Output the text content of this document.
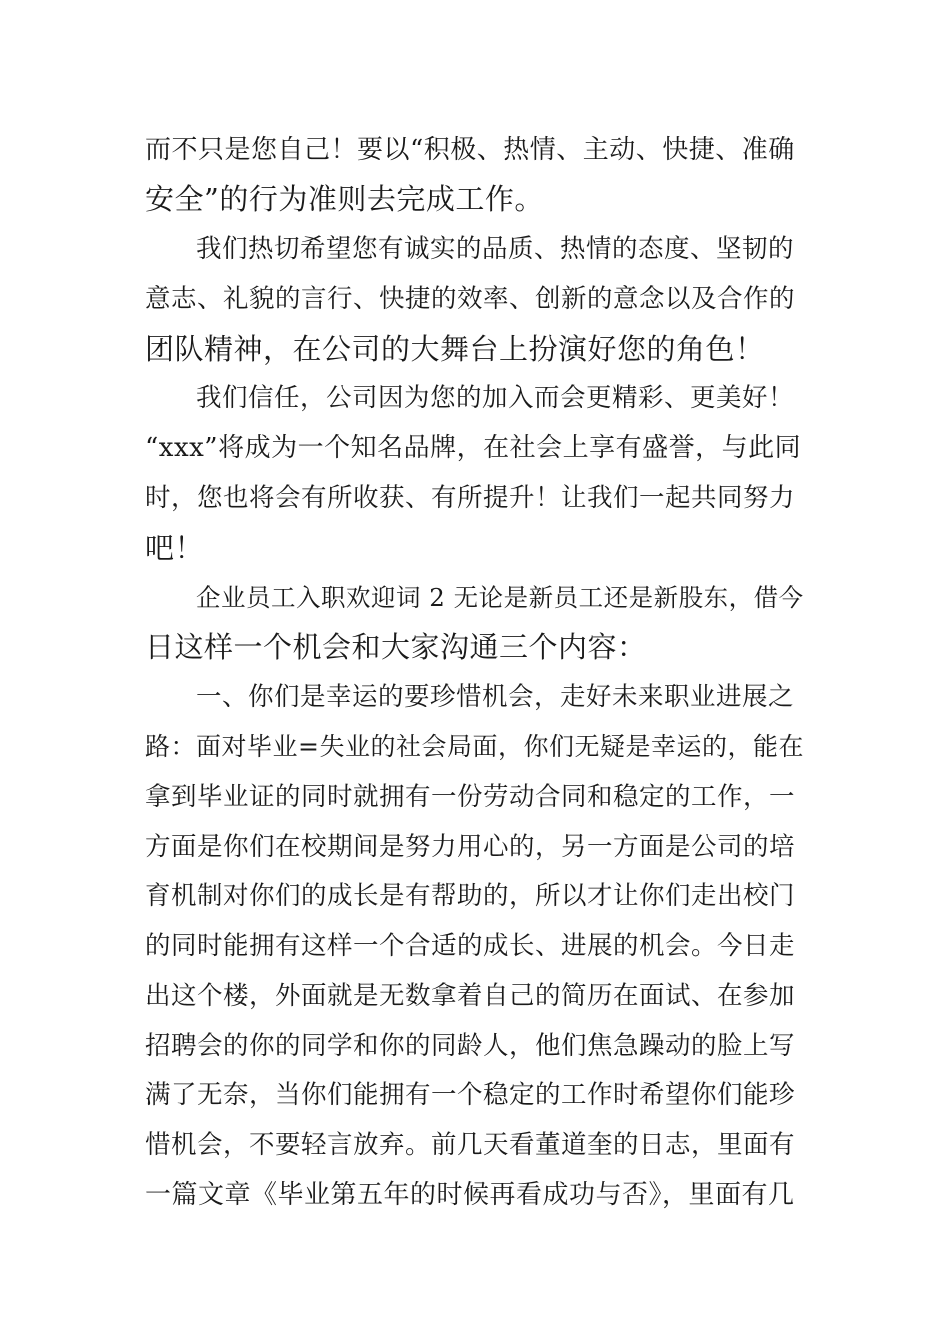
而不只是您自己！要以“积极、热情、主动、快捷、准确
安全”的行为准则去完成工作。
我们热切希望您有诚实的品质、热情的态度、坚韧的
意志、礼貌的言行、快捷的效率、创新的意念以及合作的
团队精神，在公司的大舞台上扮演好您的角色！
我们信任，公司因为您的加入而会更精彩、更美好！
“xxx”将成为一个知名品牌，在社会上享有盛誉，与此同
时，您也将会有所收获、有所提升！让我们一起共同努力
吧！
企业员工入职欢迎词 2 无论是新员工还是新股东，借今
日这样一个机会和大家沟通三个内容：
一、你们是幸运的要珍惜机会，走好未来职业进展之
路：面对毕业=失业的社会局面，你们无疑是幸运的，能在
拿到毕业证的同时就拥有一份劳动合同和稳定的工作，一
方面是你们在校期间是努力用心的，另一方面是公司的培
育机制对你们的成长是有帮助的，所以才让你们走出校门
的同时能拥有这样一个合适的成长、进展的机会。今日走
出这个楼，外面就是无数拿着自己的简历在面试、在参加
招聘会的你的同学和你的同龄人，他们焦急躁动的脸上写
满了无奈，当你们能拥有一个稳定的工作时希望你们能珍
惜机会，不要轻言放弃。前几天看董道奎的日志，里面有
一篇文章《毕业第五年的时候再看成功与否》，里面有几
